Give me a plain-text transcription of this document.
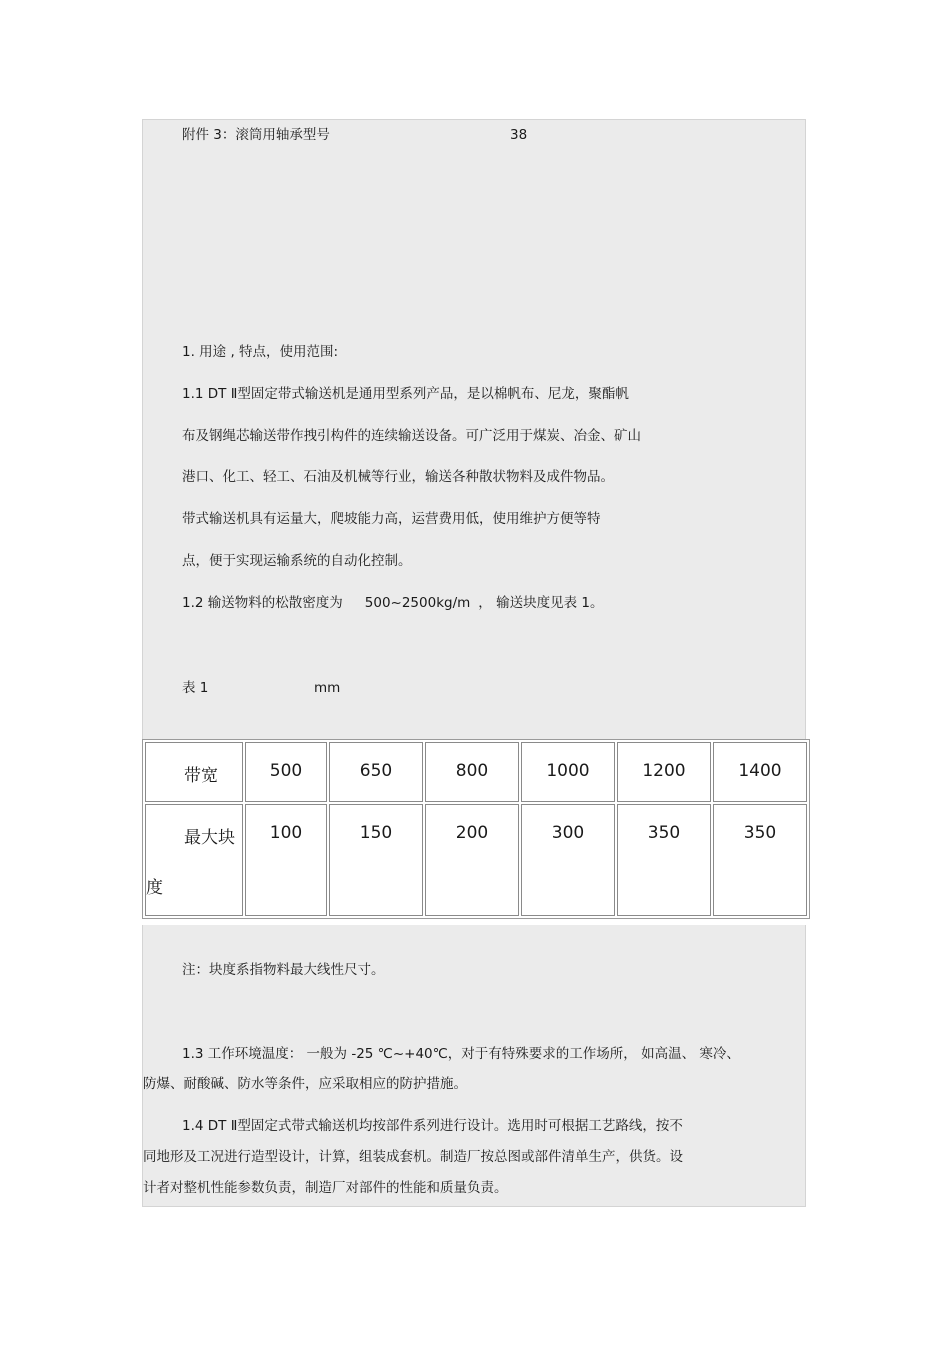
附件 3：滚筒用轴承型号	38
1. 用途 , 特点，使用范围:
1.1 DT Ⅱ型固定带式输送机是通用型系列产品，是以棉帆布、尼龙，聚酯帆
布及钢绳芯输送带作拽引构件的连续输送设备。可广泛用于煤炭、冶金、矿山
港口、化工、轻工、石油及机械等行业，输送各种散状物料及成件物品。
带式输送机具有运量大，爬坡能力高，运营费用低，使用维护方便等特
点，便于实现运输系统的自动化控制。
1.2 输送物料的松散密度为 500~2500kg/m ， 输送块度见表 1。
表 1	mm
带宽	500	650	800	1000	1200	1400

最大块
度	100	150	200	300	350	350
注：块度系指物料最大线性尺寸。
1.3 工作环境温度： 一般为 -25 ℃~+40℃，对于有特殊要求的工作场所， 如高温、 寒冷、
防爆、耐酸碱、防水等条件，应采取相应的防护措施。
1.4 DT Ⅱ型固定式带式输送机均按部件系列进行设计。选用时可根据工艺路线，按不
同地形及工况进行造型设计，计算，组装成套机。制造厂按总图或部件清单生产，供货。设
计者对整机性能参数负责，制造厂对部件的性能和质量负责。
